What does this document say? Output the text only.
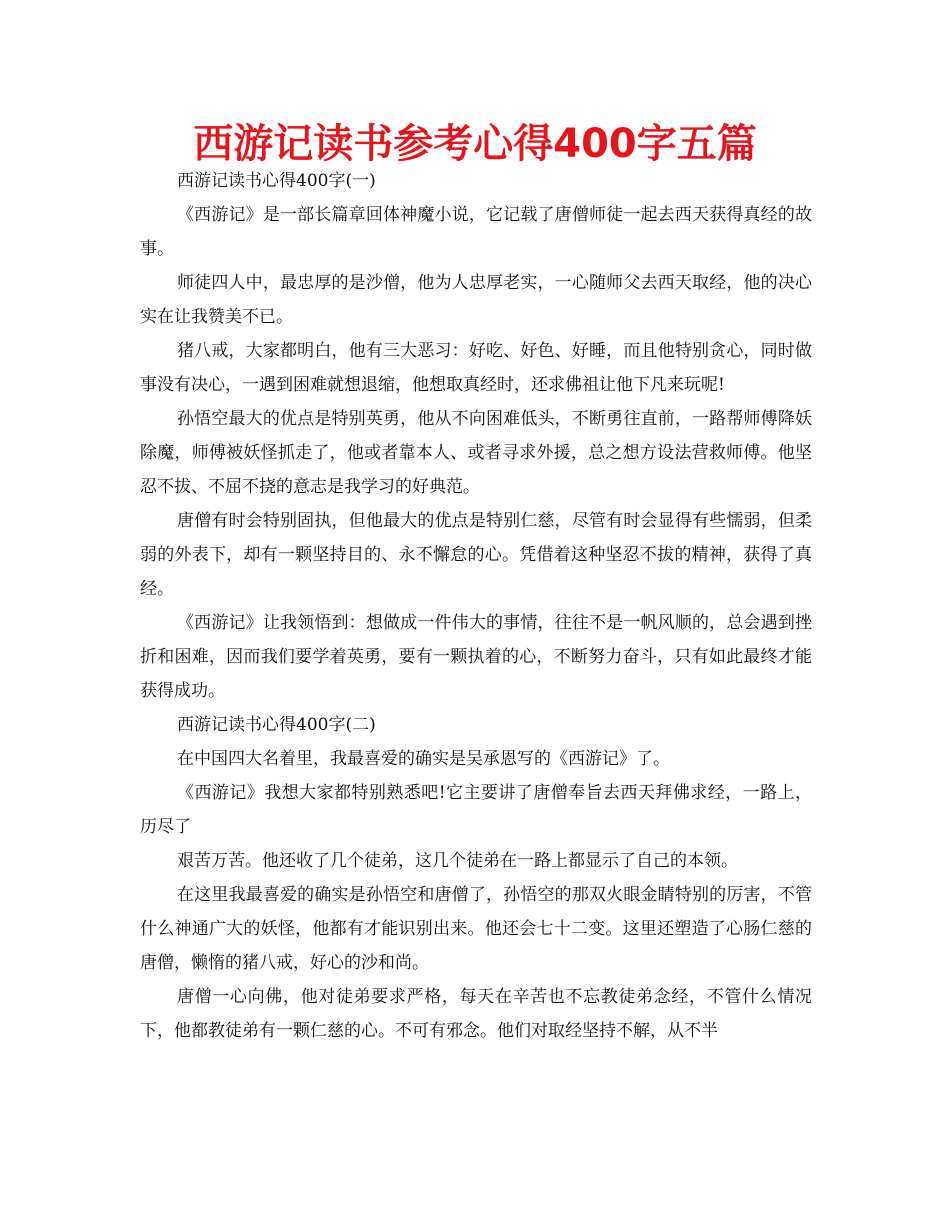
西游记读书参考心得400字五篇

西游记读书心得400字(一)

《西游记》是一部长篇章回体神魔小说，它记载了唐僧师徒一起去西天获得真经的故事。

师徒四人中，最忠厚的是沙僧，他为人忠厚老实，一心随师父去西天取经，他的决心实在让我赞美不已。

猪八戒，大家都明白，他有三大恶习：好吃、好色、好睡，而且他特别贪心，同时做事没有决心，一遇到困难就想退缩，他想取真经时，还求佛祖让他下凡来玩呢!

孙悟空最大的优点是特别英勇，他从不向困难低头，不断勇往直前，一路帮师傅降妖除魔，师傅被妖怪抓走了，他或者靠本人、或者寻求外援，总之想方设法营救师傅。他坚忍不拔、不屈不挠的意志是我学习的好典范。

唐僧有时会特别固执，但他最大的优点是特别仁慈，尽管有时会显得有些懦弱，但柔弱的外表下，却有一颗坚持目的、永不懈怠的心。凭借着这种坚忍不拔的精神，获得了真经。

《西游记》让我领悟到：想做成一件伟大的事情，往往不是一帆风顺的，总会遇到挫折和困难，因而我们要学着英勇，要有一颗执着的心，不断努力奋斗，只有如此最终才能获得成功。

西游记读书心得400字(二)

在中国四大名着里，我最喜爱的确实是吴承恩写的《西游记》了。

《西游记》我想大家都特别熟悉吧!它主要讲了唐僧奉旨去西天拜佛求经，一路上，历尽了

艰苦万苦。他还收了几个徒弟，这几个徒弟在一路上都显示了自己的本领。

在这里我最喜爱的确实是孙悟空和唐僧了，孙悟空的那双火眼金睛特别的厉害，不管什么神通广大的妖怪，他都有才能识别出来。他还会七十二变。这里还塑造了心肠仁慈的唐僧，懒惰的猪八戒，好心的沙和尚。

唐僧一心向佛，他对徒弟要求严格，每天在辛苦也不忘教徒弟念经，不管什么情况下，他都教徒弟有一颗仁慈的心。不可有邪念。他们对取经坚持不解，从不半
